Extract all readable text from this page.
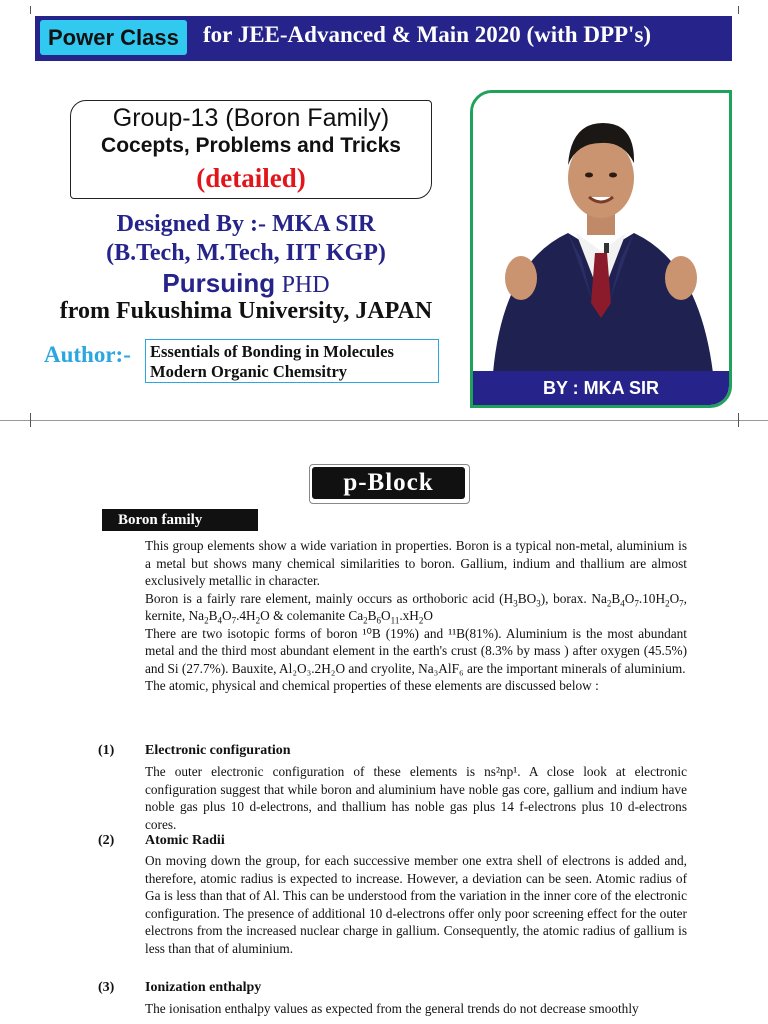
Power Class	for JEE-Advanced & Main 2020 (with DPP's)
Group-13 (Boron Family)
Cocepts, Problems and Tricks
(detailed)
Designed By :- MKA SIR
(B.Tech, M.Tech, IIT KGP)
Pursuing PHD
from Fukushima University, JAPAN
Author:- Essentials of Bonding in Molecules
Modern Organic Chemsitry
BY : MKA SIR
p-Block
Boron family

This group elements show a wide variation in properties. Boron is a typical non-metal, aluminium is a metal but shows many chemical similarities to boron. Gallium, indium and thallium are almost exclusively metallic in character.

Boron is a fairly rare element, mainly occurs as orthoboric acid $(H_3BO_3)$, borax. $Na_2B_4O_7.10H_2O_7$, kernite, $Na_2B_4O_7.4H_2O$ & colemanite $Ca_2B_6O_{11}.xH_2O$

There are two isotopic forms of boron ¹⁰B (19%) and ¹¹B(81%). Aluminium is the most abundant metal and the third most abundant element in the earth's crust (8.3% by mass ) after oxygen (45.5%) and Si (27.7%). Bauxite, Al₂O₃.2H₂O and cryolite, Na₃AlF₆ are the important minerals of aluminium.

The atomic, physical and chemical properties of these elements are discussed below :

(1) Electronic configuration
The outer electronic configuration of these elements is ns²np¹. A close look at electronic configuration suggest that while boron and aluminium have noble gas core, gallium and indium have noble gas plus 10 d-electrons, and thallium has noble gas plus 14 f-electrons plus 10 d-electrons cores.
(2) Atomic Radii
On moving down the group, for each successive member one extra shell of electrons is added and, therefore, atomic radius is expected to increase. However, a deviation can be seen. Atomic radius of Ga is less than that of Al. This can be understood from the variation in the inner core of the electronic configuration. The presence of additional 10 d-electrons offer only poor screening effect for the outer electrons from the increased nuclear charge in gallium. Consequently, the atomic radius of gallium is less than that of aluminium.
(3) Ionization enthalpy
The ionisation enthalpy values as expected from the general trends do not decrease smoothly
